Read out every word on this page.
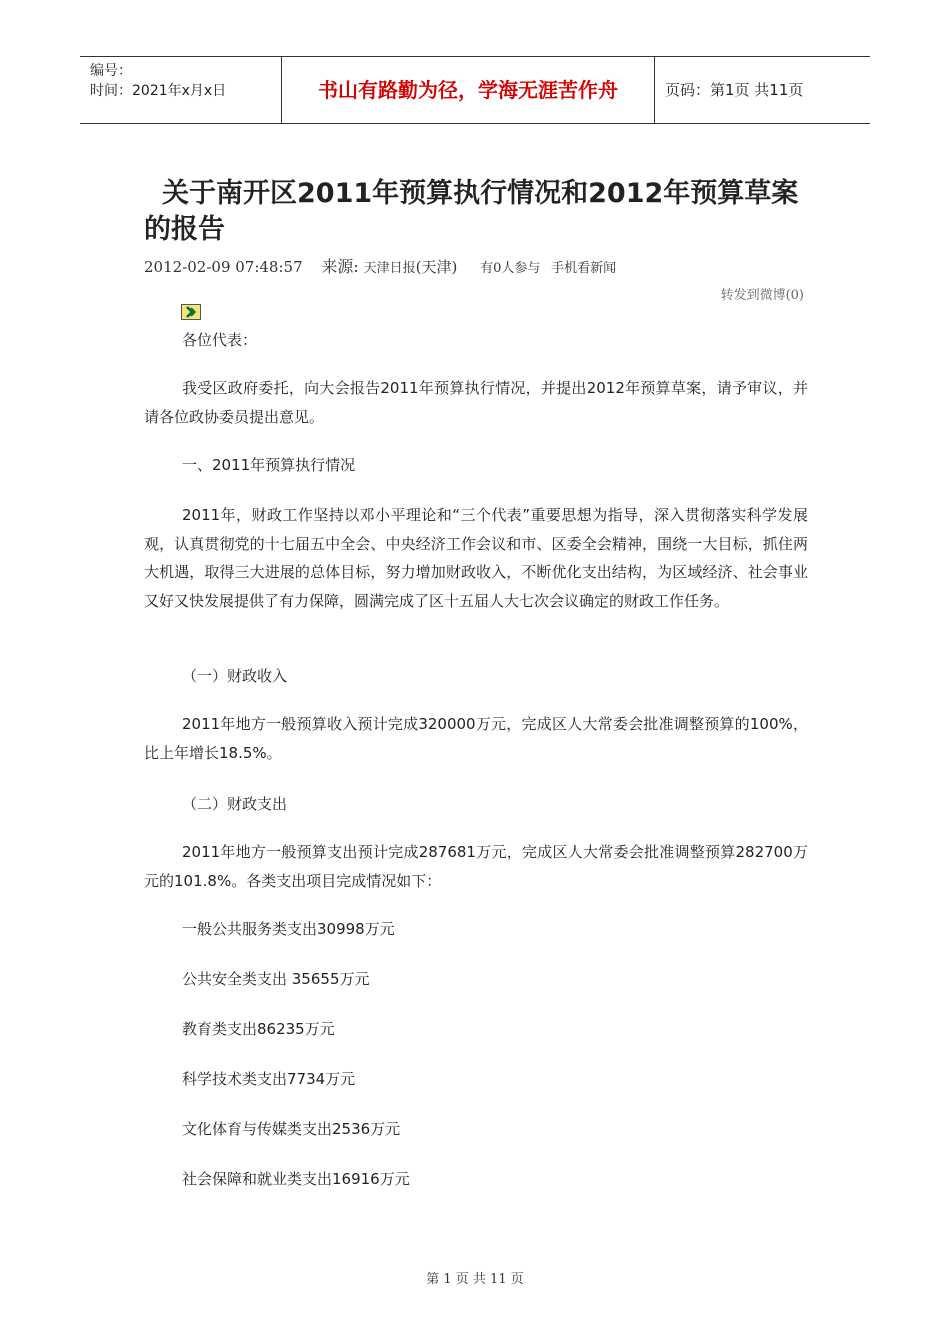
编号：
时间：2021年x月x日	书山有路勤为径，学海无涯苦作舟	页码：第1页 共11页
关于南开区2011年预算执行情况和2012年预算草案的报告
2012-02-09 07:48:57 来源: 天津日报(天津) 有0人参与 手机看新闻
转发到微博(0)

各位代表：

我受区政府委托，向大会报告2011年预算执行情况，并提出2012年预算草案，请予审议，并请各位政协委员提出意见。

一、2011年预算执行情况

2011年，财政工作坚持以邓小平理论和“三个代表”重要思想为指导，深入贯彻落实科学发展观，认真贯彻党的十七届五中全会、中央经济工作会议和市、区委全会精神，围绕一大目标，抓住两大机遇，取得三大进展的总体目标，努力增加财政收入，不断优化支出结构，为区域经济、社会事业又好又快发展提供了有力保障，圆满完成了区十五届人大七次会议确定的财政工作任务。

（一）财政收入

2011年地方一般预算收入预计完成320000万元，完成区人大常委会批准调整预算的100%，比上年增长18.5%。

（二）财政支出

2011年地方一般预算支出预计完成287681万元，完成区人大常委会批准调整预算282700万元的101.8%。各类支出项目完成情况如下：

一般公共服务类支出30998万元

公共安全类支出 35655万元

教育类支出86235万元

科学技术类支出7734万元

文化体育与传媒类支出2536万元

社会保障和就业类支出16916万元

第 1 页 共 11 页
